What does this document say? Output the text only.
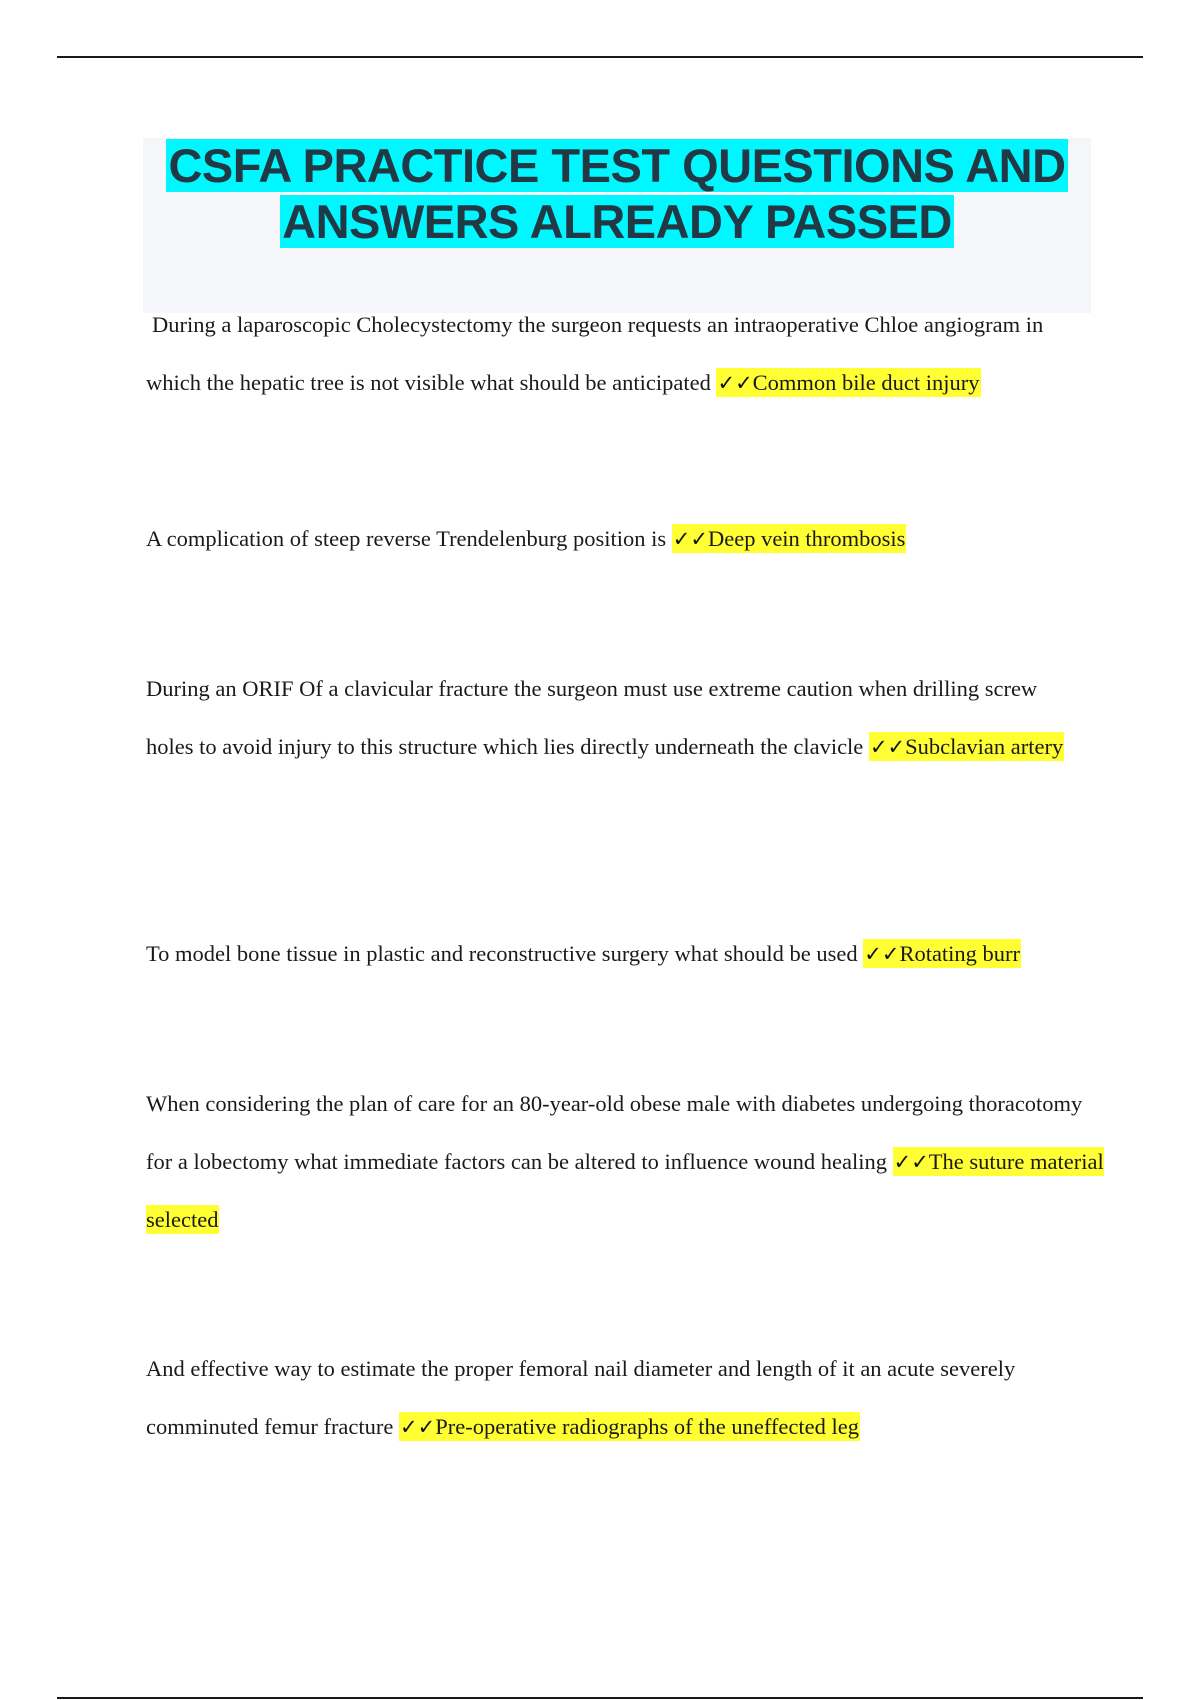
CSFA PRACTICE TEST QUESTIONS AND
ANSWERS ALREADY PASSED

During a laparoscopic Cholecystectomy the surgeon requests an intraoperative Chloe angiogram in which the hepatic tree is not visible what should be anticipated ✓✓Common bile duct injury

A complication of steep reverse Trendelenburg position is ✓✓Deep vein thrombosis

During an ORIF Of a clavicular fracture the surgeon must use extreme caution when drilling screw holes to avoid injury to this structure which lies directly underneath the clavicle ✓✓Subclavian artery

To model bone tissue in plastic and reconstructive surgery what should be used ✓✓Rotating burr

When considering the plan of care for an 80-year-old obese male with diabetes undergoing thoracotomy for a lobectomy what immediate factors can be altered to influence wound healing ✓✓The suture material selected

And effective way to estimate the proper femoral nail diameter and length of it an acute severely comminuted femur fracture ✓✓Pre-operative radiographs of the uneffected leg
